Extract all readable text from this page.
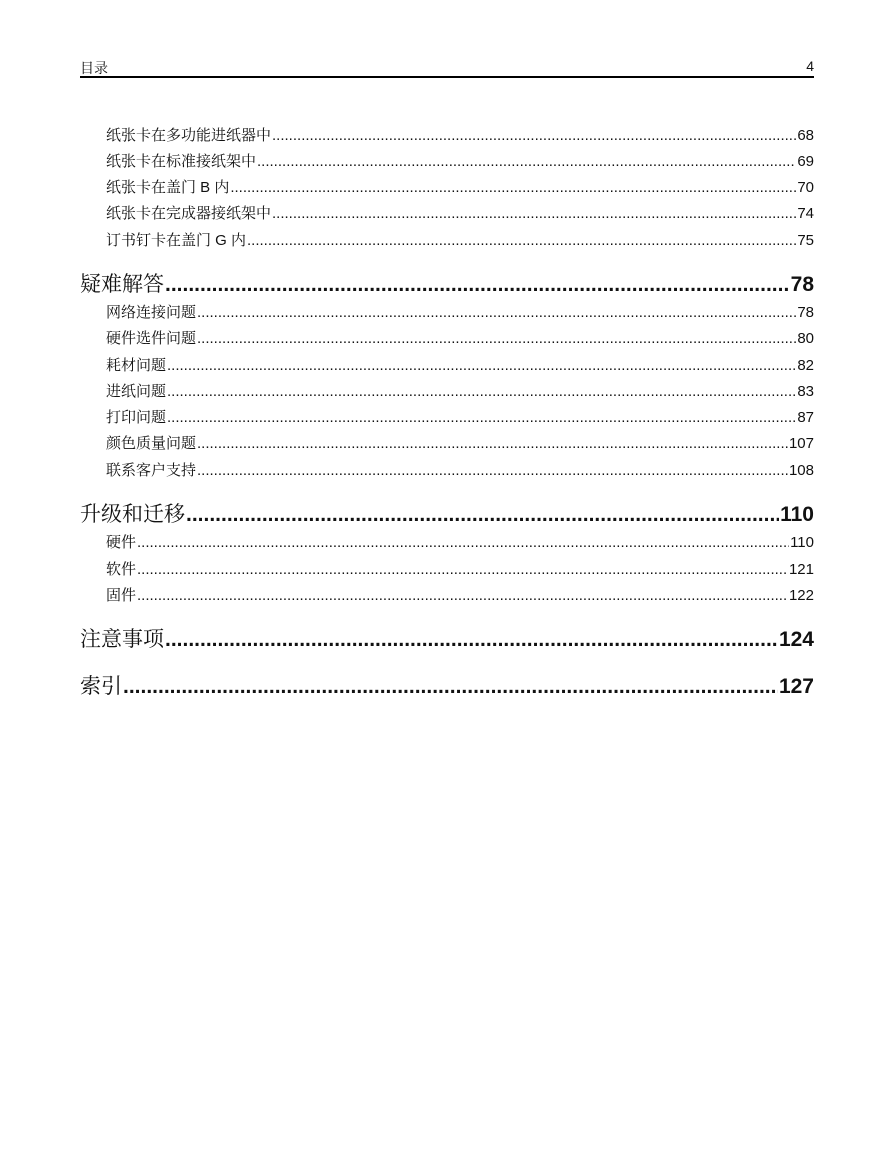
目录	4
纸张卡在多功能进纸器中 .....	68
纸张卡在标准接纸架中 .....	69
纸张卡在盖门 B 内 .....	70
纸张卡在完成器接纸架中 .....	74
订书钉卡在盖门 G 内 .....	75
疑难解答 .....	78
网络连接问题 .....	78
硬件选件问题 .....	80
耗材问题 .....	82
进纸问题 .....	83
打印问题 .....	87
颜色质量问题 .....	107
联系客户支持 .....	108
升级和迁移 .....	110
硬件 .....	110
软件 .....	121
固件 .....	122
注意事项 .....	124
索引 .....	127
